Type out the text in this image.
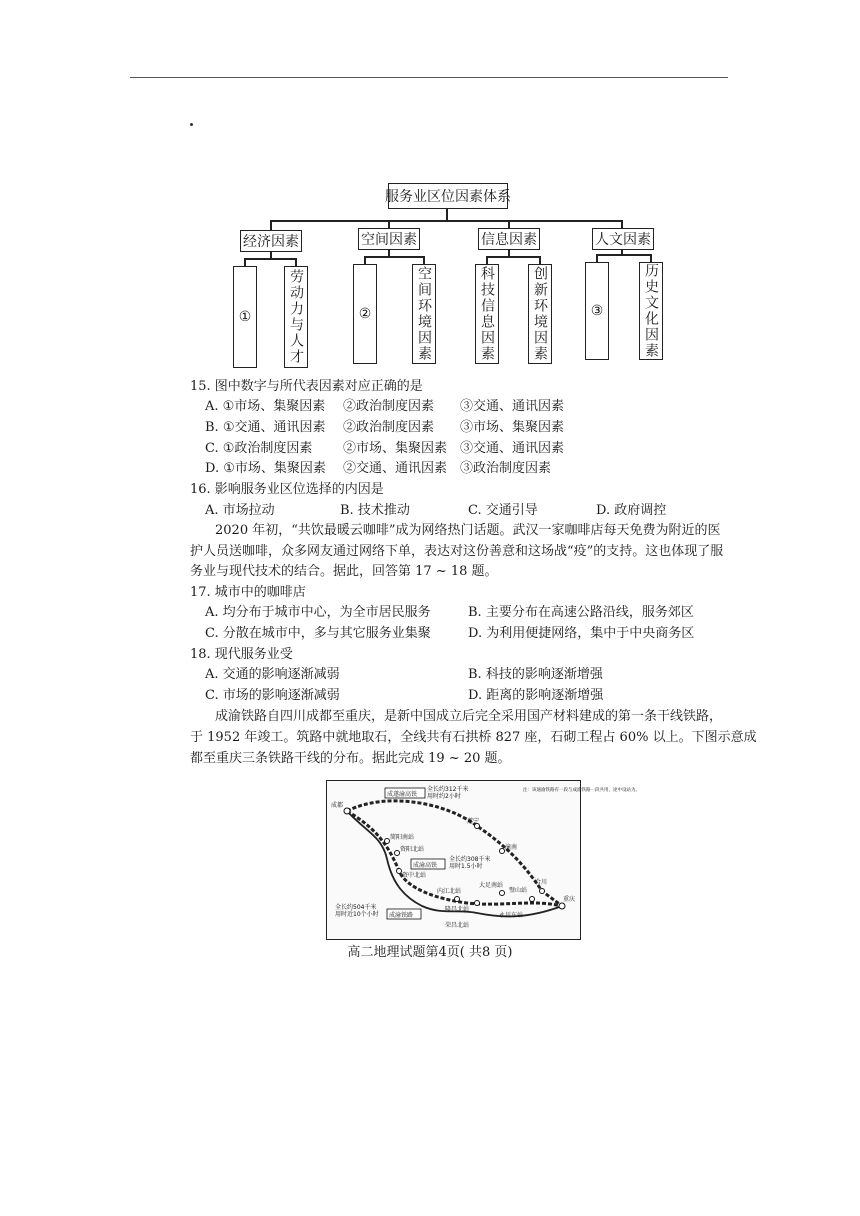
服务业区位因素体系
经济因素	空间因素	信息因素	人文因素
①	劳动力与人才	②	空间环境因素	科技信息因素	创新环境因素	③	历史文化因素
15. 图中数字与所代表因素对应正确的是
A. ①市场、集聚因素 ②政治制度因素 ③交通、通讯因素
B. ①交通、通讯因素 ②政治制度因素 ③市场、集聚因素
C. ①政治制度因素 ②市场、集聚因素 ③交通、通讯因素
D. ①市场、集聚因素 ②交通、通讯因素 ③政治制度因素
16. 影响服务业区位选择的内因是
A. 市场拉动	B. 技术推动	C. 交通引导	D. 政府调控
2020 年初，“共饮最暖云咖啡”成为网络热门话题。武汉一家咖啡店每天免费为附近的医
护人员送咖啡，众多网友通过网络下单，表达对这份善意和这场战“疫”的支持。这也体现了服
务业与现代技术的结合。据此，回答第 17 ~ 18 题。
17. 城市中的咖啡店
A. 均分布于城市中心，为全市居民服务	B. 主要分布在高速公路沿线，服务郊区
C. 分散在城市中，多与其它服务业集聚	D. 为利用便捷网络，集中于中央商务区
18. 现代服务业受
A. 交通的影响逐渐减弱	B. 科技的影响逐渐增强
C. 市场的影响逐渐减弱	D. 距离的影响逐渐增强
成渝铁路自四川成都至重庆，是新中国成立后完全采用国产材料建成的第一条干线铁路，
于 1952 年竣工。筑路中就地取石，全线共有石拱桥 827 座，石砌工程占 60% 以上。下图示意成
都至重庆三条铁路干线的分布。据此完成 19 ~ 20 题。
成遂渝高铁
全长约312千米
用时约2小时
成渝高铁
全长约308千米
用时1.5小时
成渝铁路
全长约504千米
用时近10个小时
注：该通渝铁路有一段与成渝铁路一段共用，途中设站为。
成都
遂宁
潼南
合川
简阳南站
资阳北站
资中北站
内江北站
隆昌北站
大足南站
荣昌北站
璧山站
永川东站
重庆
高二地理试题第4页( 共8 页)
